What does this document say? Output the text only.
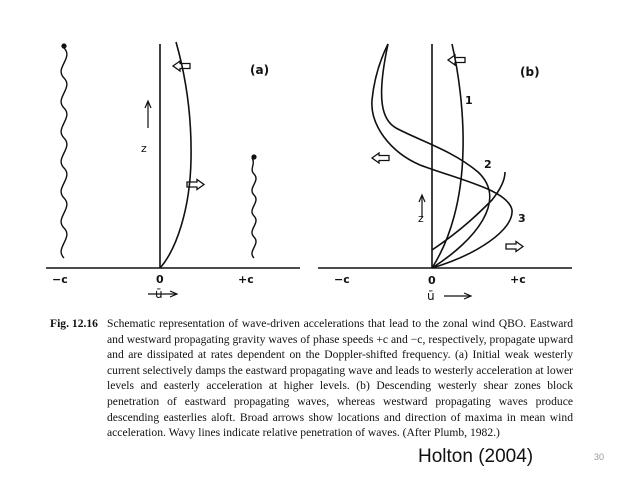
(a)
z
−c	0	+c
ū
(b)
z
−c	0	+c
ū
1
2
3
Fig. 12.16 Schematic representation of wave-driven accelerations that lead to the zonal wind QBO. Eastward and westward propagating gravity waves of phase speeds +c and −c, respectively, propagate upward and are dissipated at rates dependent on the Doppler-shifted frequency. (a) Initial weak westerly current selectively damps the eastward propagating wave and leads to westerly acceleration at lower levels and easterly acceleration at higher levels. (b) Descending westerly shear zones block penetration of eastward propagating waves, whereas westward propagating waves produce descending easterlies aloft. Broad arrows show locations and direction of maxima in mean wind acceleration. Wavy lines indicate relative penetration of waves. (After Plumb, 1982.)
Holton (2004)	30
